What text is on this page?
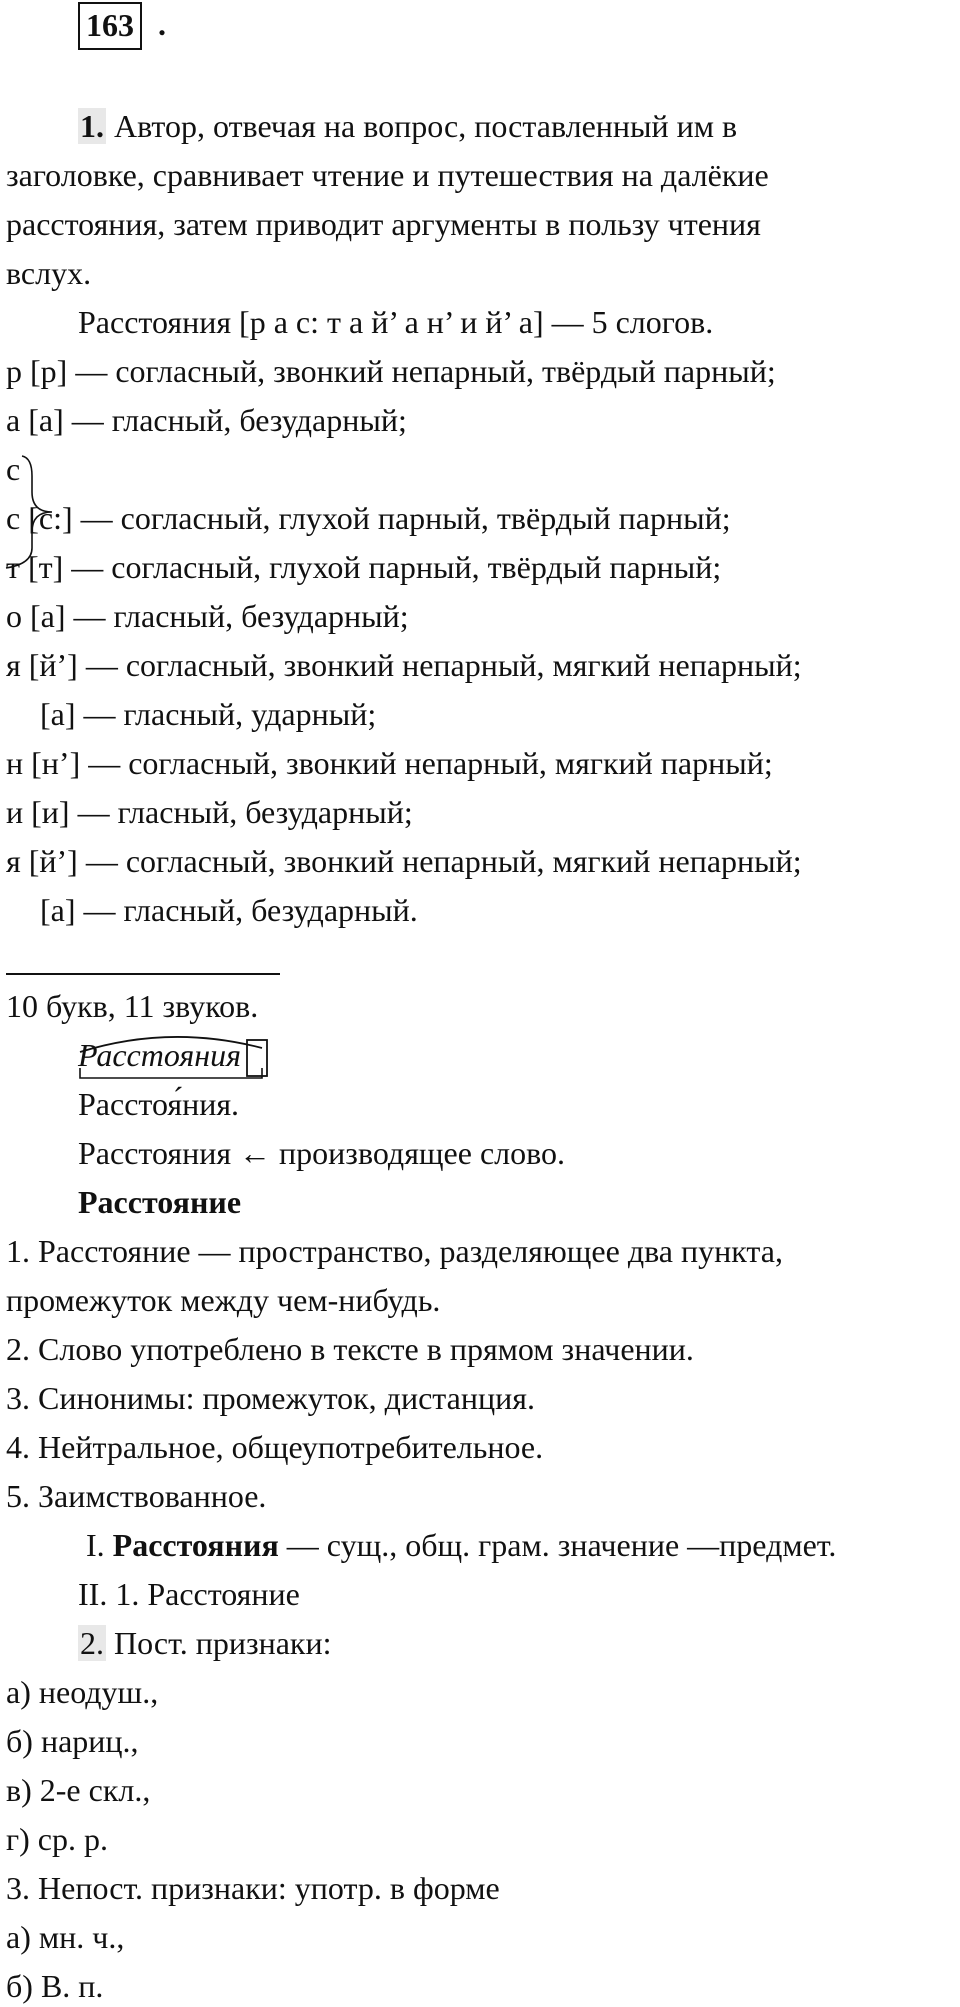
163 .
1. Автор, отвечая на вопрос, поставленный им в
заголовке, сравнивает чтение и путешествия на далёкие
расстояния, затем приводит аргументы в пользу чтения
вслух.
Расстояния [р а с: т а й’ а н’ и й’ а] — 5 слогов.
р [р] — согласный, звонкий непарный, твёрдый парный;
а [а] — гласный, безударный;
с
с [с:] — согласный, глухой парный, твёрдый парный;
т [т] — согласный, глухой парный, твёрдый парный;
о [а] — гласный, безударный;
я [й’] — согласный, звонкий непарный, мягкий непарный;
[а] — гласный, ударный;
н [н’] — согласный, звонкий непарный, мягкий парный;
и [и] — гласный, безударный;
я [й’] — согласный, звонкий непарный, мягкий непарный;
[а] — гласный, безударный.
10 букв, 11 звуков.
Расстояния
Расстоя́ния.
Расстояния ← производящее слово.
Расстояние
1. Расстояние — пространство, разделяющее два пункта,
промежуток между чем-нибудь.
2. Слово употреблено в тексте в прямом значении.
3. Синонимы: промежуток, дистанция.
4. Нейтральное, общеупотребительное.
5. Заимствованное.
I. Расстояния — сущ., общ. грам. значение —предмет.
II. 1. Расстояние
2. Пост. признаки:
а) неодуш.,
б) нариц.,
в) 2-е скл.,
г) ср. р.
3. Непост. признаки: употр. в форме
а) мн. ч.,
б) В. п.
